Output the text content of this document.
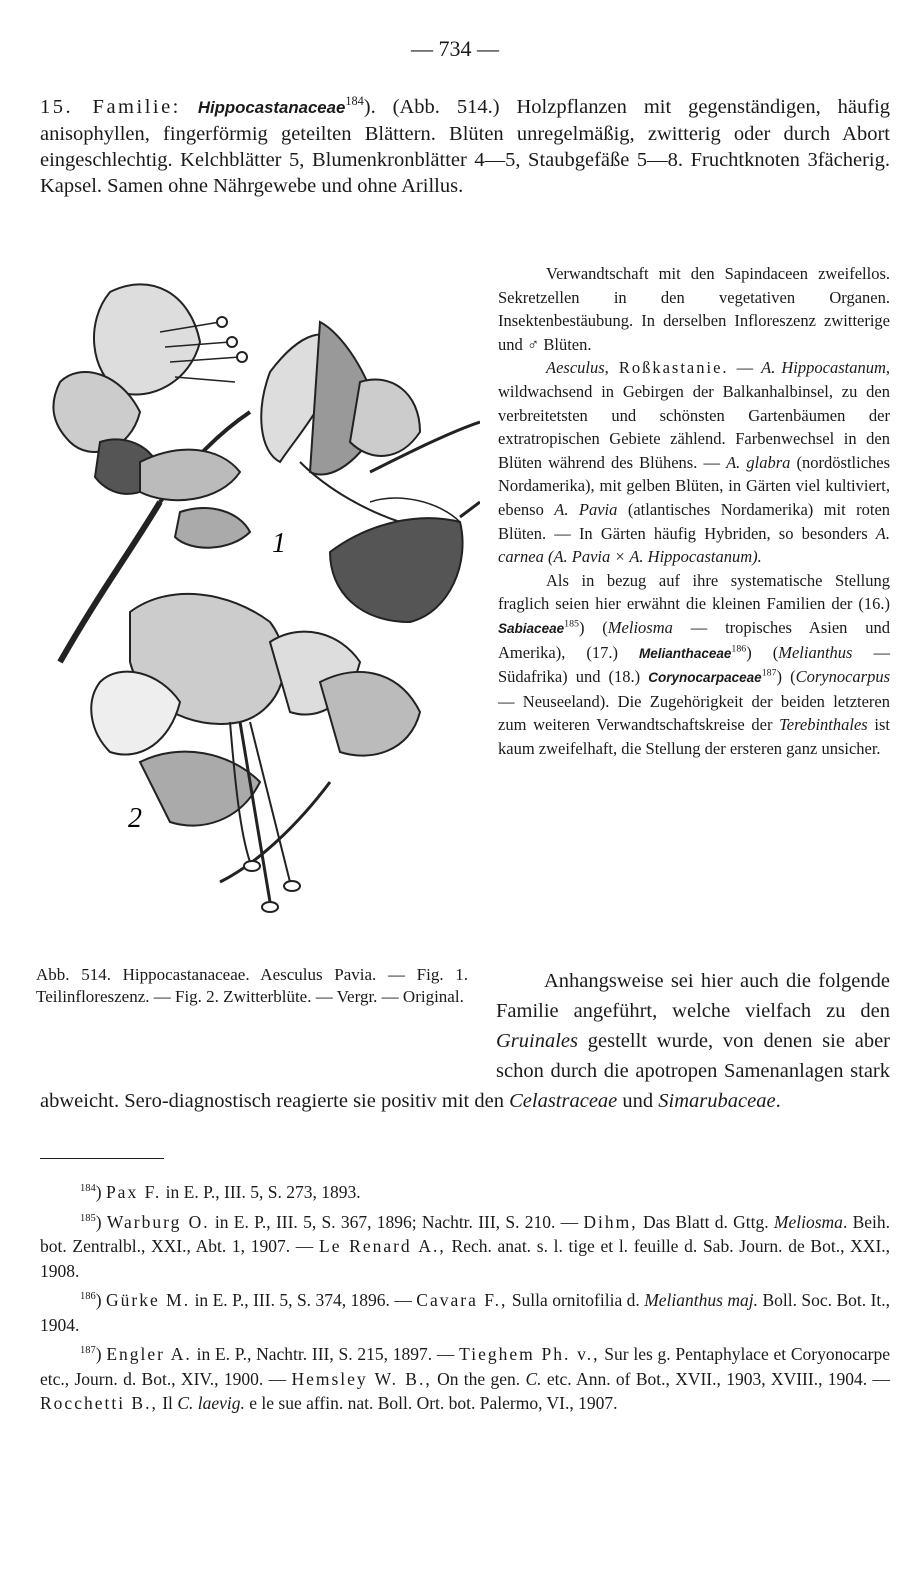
— 734 —
15. Familie: Hippocastanaceae$^{184}$). (Abb. 514.) Holzpflanzen mit gegenständigen, häufig anisophyllen, fingerförmig geteilten Blättern. Blüten unregelmäßig, zwitterig oder durch Abort eingeschlechtig. Kelchblätter 5, Blumenkronblätter 4—5, Staubgefäße 5—8. Fruchtknoten 3fächerig. Kapsel. Samen ohne Nährgewebe und ohne Arillus.
1
2
Abb. 514. Hippocastanaceae. Aesculus Pavia. — Fig. 1. Teilinfloreszenz. — Fig. 2. Zwitterblüte. — Vergr. — Original.

Verwandtschaft mit den Sapindaceen zweifellos. Sekretzellen in den vegetativen Organen. Insektenbestäubung. In derselben Infloreszenz zwitterige und ♂ Blüten.

Aesculus, Roßkastanie. — A. Hippocastanum, wildwachsend in Gebirgen der Balkanhalbinsel, zu den verbreitetsten und schönsten Gartenbäumen der extratropischen Gebiete zählend. Farbenwechsel in den Blüten während des Blühens. — A. glabra (nordöstliches Nordamerika), mit gelben Blüten, in Gärten viel kultiviert, ebenso A. Pavia (atlantisches Nordamerika) mit roten Blüten. — In Gärten häufig Hybriden, so besonders A. carnea (A. Pavia × A. Hippocastanum).

Als in bezug auf ihre systematische Stellung fraglich seien hier erwähnt die kleinen Familien der (16.) Sabiaceae$^{185}$) (Meliosma — tropisches Asien und Amerika), (17.) Melianthaceae$^{186}$) (Melianthus — Südafrika) und (18.) Corynocarpaceae$^{187}$) (Corynocarpus — Neuseeland). Die Zugehörigkeit der beiden letzteren zum weiteren Verwandtschaftskreise der Terebinthales ist kaum zweifelhaft, die Stellung der ersteren ganz unsicher.

Anhangsweise sei hier auch die folgende Familie angeführt, welche vielfach zu den Gruinales gestellt wurde, von denen sie aber schon durch die apotropen Samenanlagen stark abweicht. Sero-diagnostisch reagierte sie positiv mit den Celastraceae und Simarubaceae.

$^{184}$) Pax F. in E. P., III. 5, S. 273, 1893.

$^{185}$) Warburg O. in E. P., III. 5, S. 367, 1896; Nachtr. III, S. 210. — Dihm, Das Blatt d. Gttg. Meliosma. Beih. bot. Zentralbl., XXI., Abt. 1, 1907. — Le Renard A., Rech. anat. s. l. tige et l. feuille d. Sab. Journ. de Bot., XXI., 1908.

$^{186}$) Gürke M. in E. P., III. 5, S. 374, 1896. — Cavara F., Sulla ornitofilia d. Melianthus maj. Boll. Soc. Bot. It., 1904.

$^{187}$) Engler A. in E. P., Nachtr. III, S. 215, 1897. — Tieghem Ph. v., Sur les g. Pentaphylace et Coryonocarpe etc., Journ. d. Bot., XIV., 1900. — Hemsley W. B., On the gen. C. etc. Ann. of Bot., XVII., 1903, XVIII., 1904. — Rocchetti B., Il C. laevig. e le sue affin. nat. Boll. Ort. bot. Palermo, VI., 1907.
